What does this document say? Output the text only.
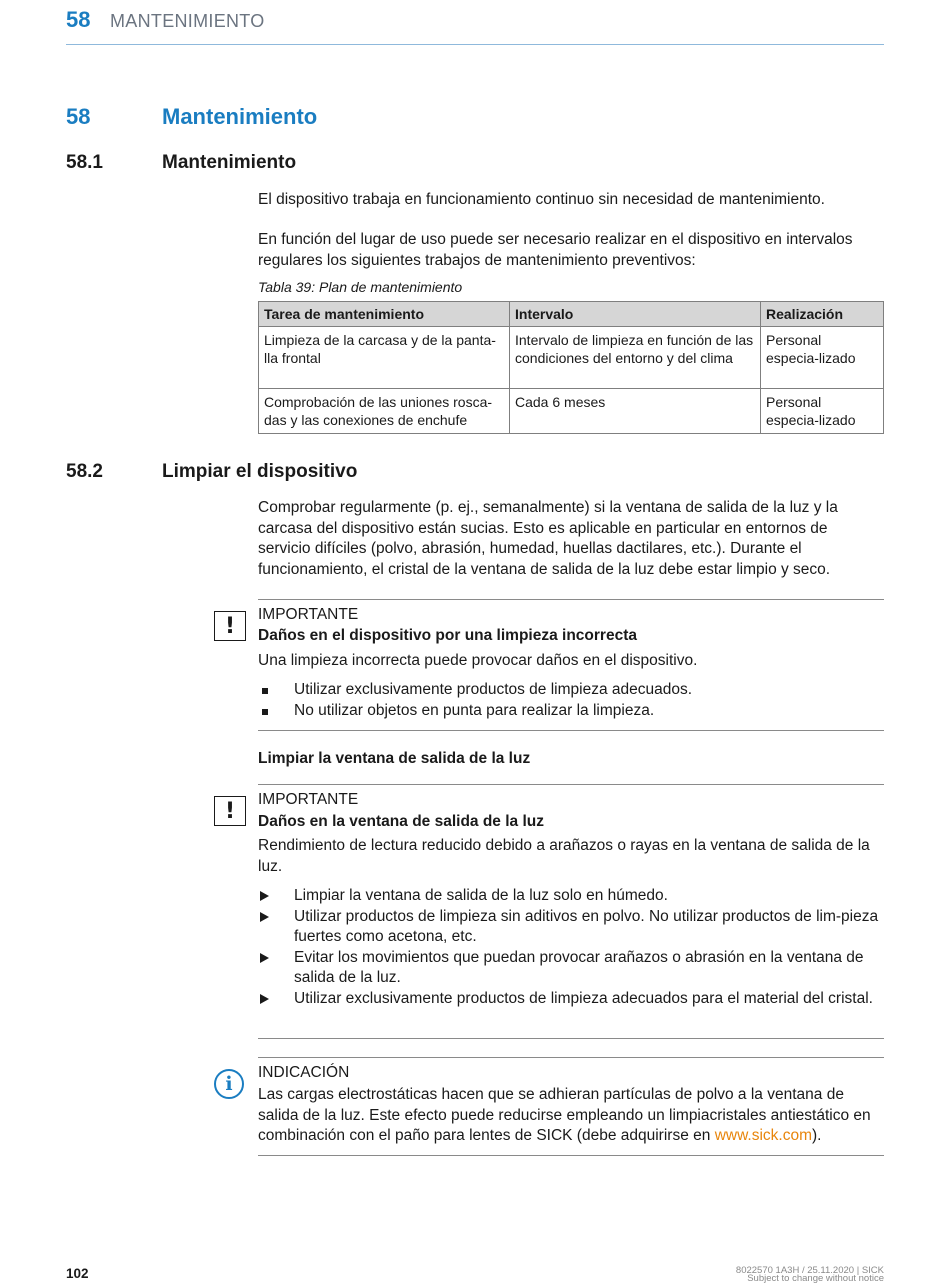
58 MANTENIMIENTO
58	Mantenimiento
58.1	Mantenimiento

El dispositivo trabaja en funcionamiento continuo sin necesidad de mantenimiento.

En función del lugar de uso puede ser necesario realizar en el dispositivo en intervalos regulares los siguientes trabajos de mantenimiento preventivos:

Tabla 39: Plan de mantenimiento
Tarea de mantenimiento	Intervalo	Realización
Limpieza de la carcasa y de la panta-lla frontal	Intervalo de limpieza en función de las condiciones del entorno y del clima	Personal especia-lizado
Comprobación de las uniones rosca-das y las conexiones de enchufe	Cada 6 meses	Personal especia-lizado
58.2	Limpiar el dispositivo

Comprobar regularmente (p. ej., semanalmente) si la ventana de salida de la luz y la carcasa del dispositivo están sucias. Esto es aplicable en particular en entornos de servicio difíciles (polvo, abrasión, humedad, huellas dactilares, etc.). Durante el funcionamiento, el cristal de la ventana de salida de la luz debe estar limpio y seco.

!	IMPORTANTE
Daños en el dispositivo por una limpieza incorrecta

Una limpieza incorrecta puede provocar daños en el dispositivo.

Utilizar exclusivamente productos de limpieza adecuados.
No utilizar objetos en punta para realizar la limpieza.
Limpiar la ventana de salida de la luz
!	IMPORTANTE
Daños en la ventana de salida de la luz

Rendimiento de lectura reducido debido a arañazos o rayas en la ventana de salida de la luz.

Limpiar la ventana de salida de la luz solo en húmedo.
Utilizar productos de limpieza sin aditivos en polvo. No utilizar productos de lim-pieza fuertes como acetona, etc.
Evitar los movimientos que puedan provocar arañazos o abrasión en la ventana de salida de la luz.
Utilizar exclusivamente productos de limpieza adecuados para el material del cristal.
i
INDICACIÓN

Las cargas electrostáticas hacen que se adhieran partículas de polvo a la ventana de salida de la luz. Este efecto puede reducirse empleando un limpiacristales antiestático en combinación con el paño para lentes de SICK (debe adquirirse en www.sick.com).

102	8022570 1A3H / 25.11.2020 | SICK
Subject to change without notice
